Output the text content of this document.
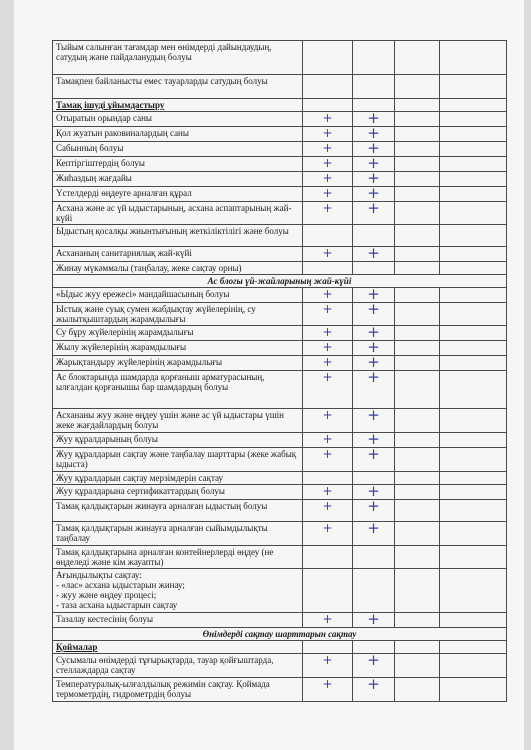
Тыйым салынған тағамдар мен өнімдерді дайындаудың, сатудың және пайдаланудың болуы				
Тамақпен байланысты емес тауарларды сатудың болуы				
Тамақ ішуді ұйымдастыру				
Отыратын орындар саны	+	+		
Қол жуатын раковиналардың саны	+	+		
Сабынның болуы	+	+		
Кептіргіштердің болуы	+	+		
Жиһаздың жағдайы	+	+		
Үстелдерді өңдеуге арналған құрал	+	+		
Асхана және ас үй ыдыстарының, асхана аспаптарының жай-күйі	+	+		
Ыдыстың қосалқы жиынтығының жеткіліктілігі және болуы				
Асхананың санитариялық жай-күйі	+	+		
Жинау мүкәммалы (таңбалау, жеке сақтау орны)				
Ас блогы үй-жайларының жай-күйі				
«Ыдыс жуу ережесі» мандайшасының болуы	+	+		
Ыстық және суық сумен жабдықтау жүйелерінің, су жылытқыштардың жарамдылығы	+	+		
Су бұру жүйелерінің жарамдылығы	+	+		
Жылу жүйелерінің жарамдылығы	+	+		
Жарықтандыру жүйелерінің жарамдылығы	+	+		
Ас блоктарында шамдарда қорғаныш арматурасының, ылғалдан қорғанышы бар шамдардың болуы	+	+		
Асхананы жуу және өңдеу үшін және ас үй ыдыстары үшін жеке жағдайлардың болуы	+	+		
Жуу құралдарының болуы	+	+		
Жуу құралдарын сақтау және таңбалау шарттары (жеке жабық ыдыста)	+	+		
Жуу құралдарын сақтау мерзімдерін сақтау				
Жуу құралдарына сертификаттардың болуы	+	+		
Тамақ қалдықтарын жинауға арналған ыдыстың болуы	+	+		
Тамақ қалдықтарын жинауға арналған сыйымдылықты таңбалау	+	+		
Тамақ қалдықтарына арналған контейнерлерді өңдеу (не өңделеді және кім жауапты)				
Ағындылықты сақтау:
- «лас» асхана ыдыстарын жинау;
- жуу және өңдеу процесі;
- таза асхана ыдыстарын сақтау				
Тазалау кестесінің болуы	+	+		
Өнімдерді сақтау шарттарын сақтау				
Қоймалар				
Сусымалы өнімдерді тұғырықтарда, тауар қойғыштарда, стеллаждарда сақтау	+	+		
Температуралық-ылғалдылық режимін сақтау. Қоймада термометрдің, гидрометрдің болуы	+	+		
